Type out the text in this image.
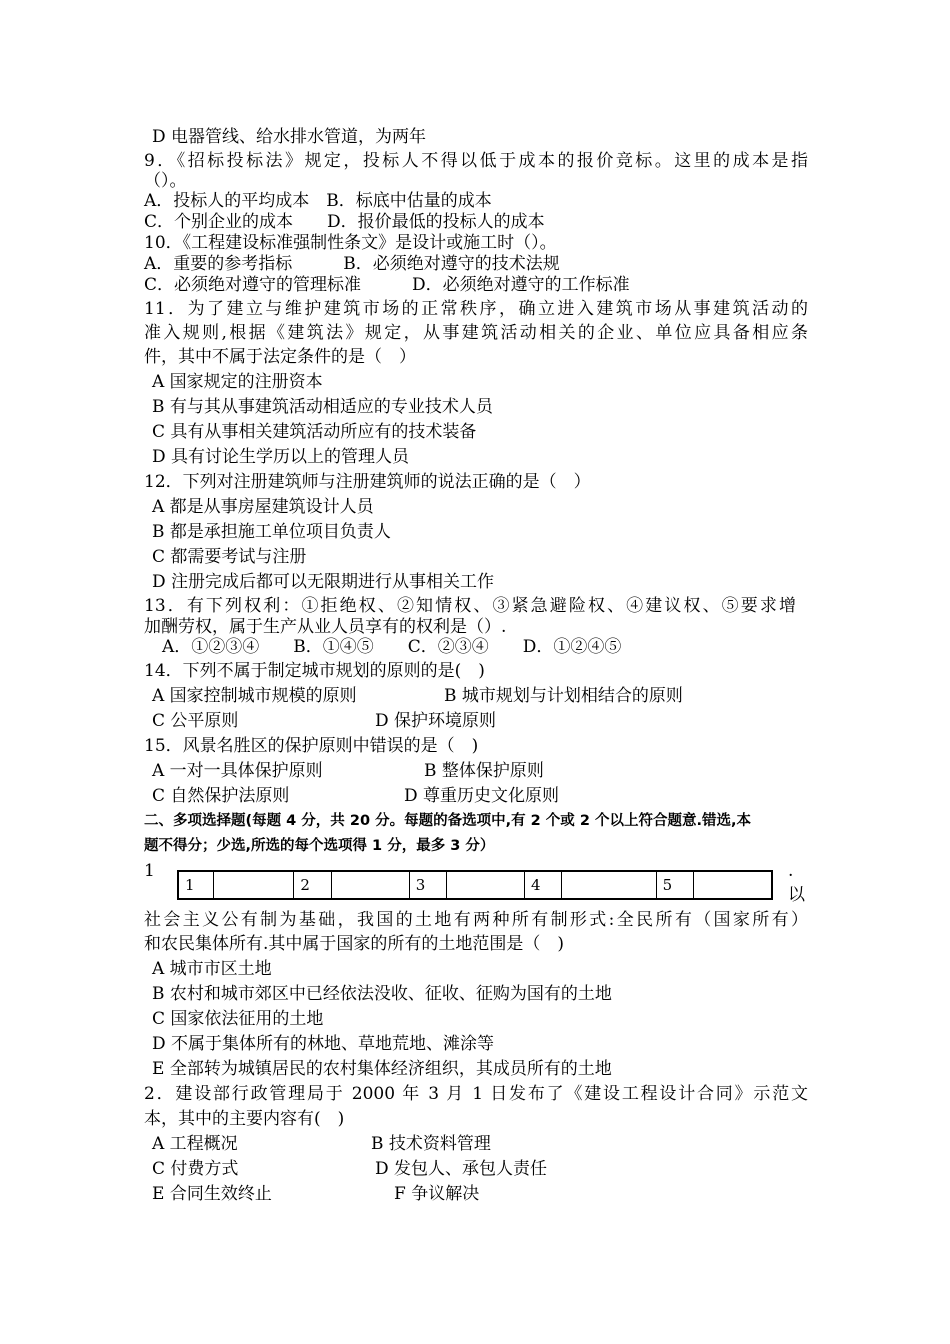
D 电器管线、给水排水管道，为两年
9．《招标投标法》规定，投标人不得以低于成本的报价竞标。这里的成本是指
（）。
A．投标人的平均成本　B．标底中估量的成本
C．个别企业的成本　　D．报价最低的投标人的成本
10．《工程建设标准强制性条文》是设计或施工时（）。
A．重要的参考指标　　　B．必须绝对遵守的技术法规
C．必须绝对遵守的管理标准　　　D．必须绝对遵守的工作标准
11．为了建立与维护建筑市场的正常秩序，确立进入建筑市场从事建筑活动的
准入规则,根据《建筑法》规定，从事建筑活动相关的企业、单位应具备相应条
件，其中不属于法定条件的是（　）
A 国家规定的注册资本
B 有与其从事建筑活动相适应的专业技术人员
C 具有从事相关建筑活动所应有的技术装备
D 具有讨论生学历以上的管理人员
12．下列对注册建筑师与注册建筑师的说法正确的是（　）
A 都是从事房屋建筑设计人员
B 都是承担施工单位项目负责人
C 都需要考试与注册
D 注册完成后都可以无限期进行从事相关工作
13．有下列权利：①拒绝权、②知情权、③紧急避险权、④建议权、⑤要求增
加酬劳权，属于生产从业人员享有的权利是（）.
A．①②③④　　B．①④⑤　　C．②③④　　D．①②④⑤
14．下列不属于制定城市规划的原则的是(　)
A 国家控制城市规模的原则	B 城市规划与计划相结合的原则
C 公平原则	D 保护环境原则
15．风景名胜区的保护原则中错误的是（　)
A 一对一具体保护原则	B 整体保护原则
C 自然保护法原则	D 尊重历史文化原则
二、多项选择题(每题 4 分，共 20 分。每题的备选项中,有 2 个或 2 个以上符合题意.错选,本
题不得分；少选,所选的每个选项得 1 分，最多 3 分）
1
1		2		3		4		5	
.
以
社会主义公有制为基础，我国的土地有两种所有制形式:全民所有（国家所有）
和农民集体所有.其中属于国家的所有的土地范围是（　)
A 城市市区土地
B 农村和城市郊区中已经依法没收、征收、征购为国有的土地
C 国家依法征用的土地
D 不属于集体所有的林地、草地荒地、滩涂等
E 全部转为城镇居民的农村集体经济组织，其成员所有的土地
2．建设部行政管理局于 2000 年 3 月 1 日发布了《建设工程设计合同》示范文
本，其中的主要内容有(　)
A 工程概况	B 技术资料管理
C 付费方式	D 发包人、承包人责任
E 合同生效终止	F 争议解决
